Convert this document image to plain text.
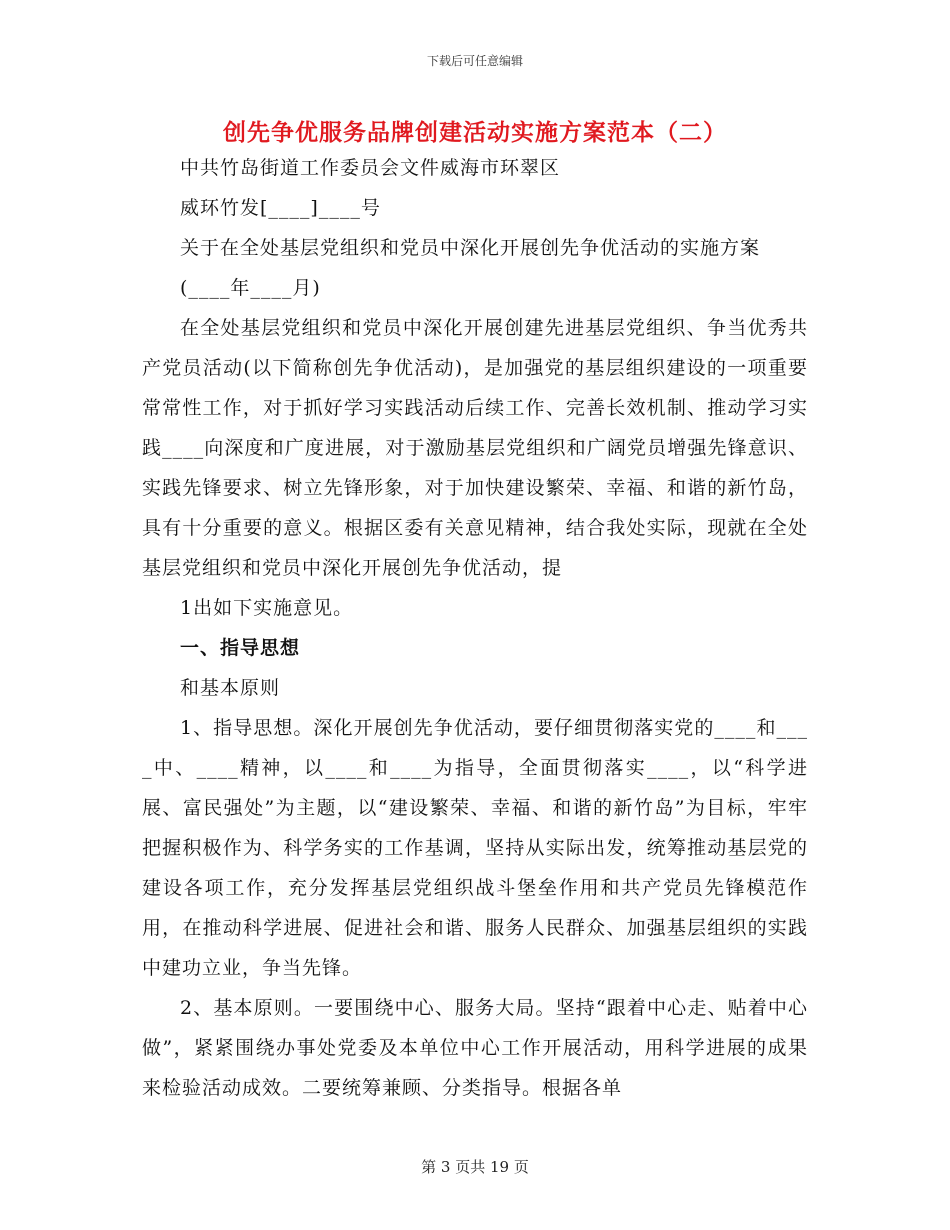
下载后可任意编辑
创先争优服务品牌创建活动实施方案范本（二）

中共竹岛街道工作委员会文件威海市环翠区

威环竹发[____]____号

关于在全处基层党组织和党员中深化开展创先争优活动的实施方案

(____年____月)

在全处基层党组织和党员中深化开展创建先进基层党组织、争当优秀共产党员活动(以下简称创先争优活动)，是加强党的基层组织建设的一项重要常常性工作，对于抓好学习实践活动后续工作、完善长效机制、推动学习实践____向深度和广度进展，对于激励基层党组织和广阔党员增强先锋意识、实践先锋要求、树立先锋形象，对于加快建设繁荣、幸福、和谐的新竹岛，具有十分重要的意义。根据区委有关意见精神，结合我处实际，现就在全处基层党组织和党员中深化开展创先争优活动，提

1出如下实施意见。

一、指导思想

和基本原则

1、指导思想。深化开展创先争优活动，要仔细贯彻落实党的____和____中、____精神，以____和____为指导，全面贯彻落实____，以“科学进展、富民强处”为主题，以“建设繁荣、幸福、和谐的新竹岛”为目标，牢牢把握积极作为、科学务实的工作基调，坚持从实际出发，统筹推动基层党的建设各项工作，充分发挥基层党组织战斗堡垒作用和共产党员先锋模范作用，在推动科学进展、促进社会和谐、服务人民群众、加强基层组织的实践中建功立业，争当先锋。

2、基本原则。一要围绕中心、服务大局。坚持“跟着中心走、贴着中心做”，紧紧围绕办事处党委及本单位中心工作开展活动，用科学进展的成果来检验活动成效。二要统筹兼顾、分类指导。根据各单

第 3 页共 19 页
